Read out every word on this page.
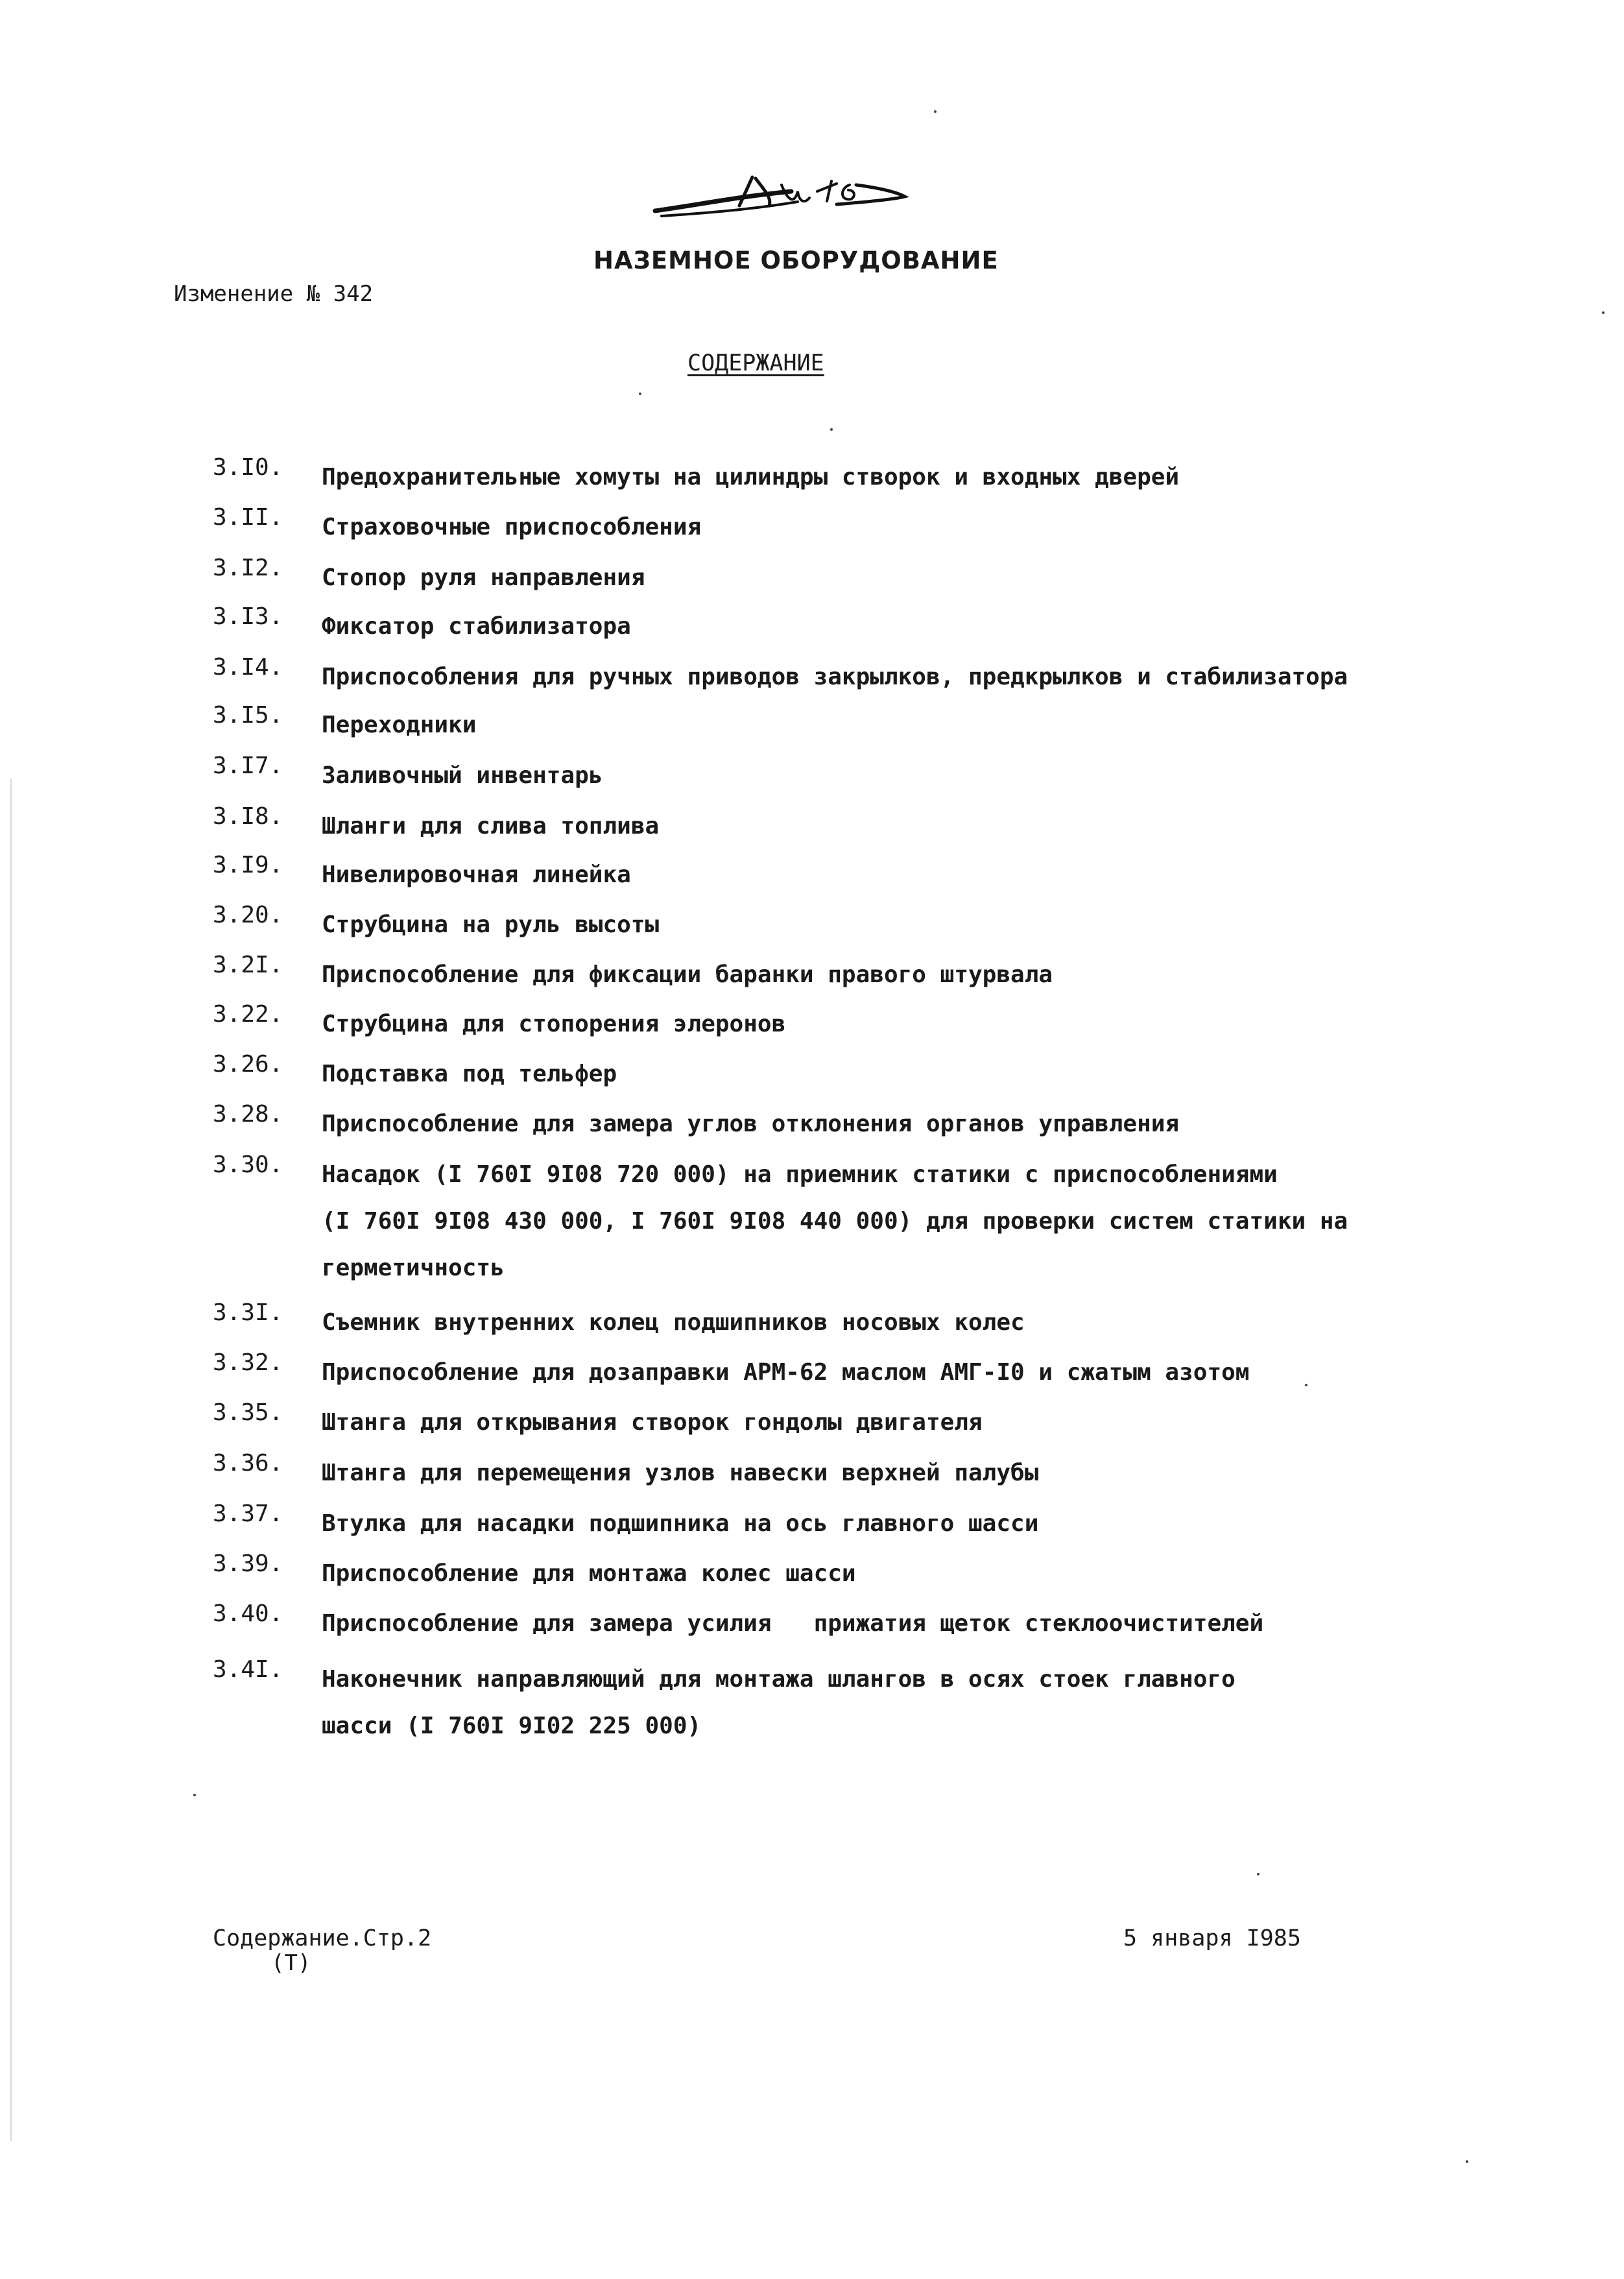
НАЗЕМНОЕ ОБОРУДОВАНИЕ
Изменение № 342
СОДЕРЖАНИЕ
3.I0. Предохранительные хомуты на цилиндры створок и входных дверей
3.II. Страховочные приспособления
3.I2. Стопор руля направления
3.I3. Фиксатор стабилизатора
3.I4. Приспособления для ручных приводов закрылков, предкрылков и стабилизатора
3.I5. Переходники
3.I7. Заливочный инвентарь
3.I8. Шланги для слива топлива
3.I9. Нивелировочная линейка
3.20. Струбцина на руль высоты
3.2I. Приспособление для фиксации баранки правого штурвала
3.22. Струбцина для стопорения элеронов
3.26. Подставка под тельфер
3.28. Приспособление для замера углов отклонения органов управления
3.30. Насадок (I 760I 9I08 720 000) на приемник статики с приспособлениями
(I 760I 9I08 430 000, I 760I 9I08 440 000) для проверки систем статики на
герметичность
3.3I. Съемник внутренних колец подшипников носовых колес
3.32. Приспособление для дозаправки АРМ-62 маслом АМГ-I0 и сжатым азотом
3.35. Штанга для открывания створок гондолы двигателя
3.36. Штанга для перемещения узлов навески верхней палубы
3.37. Втулка для насадки подшипника на ось главного шасси
3.39. Приспособление для монтажа колес шасси
3.40. Приспособление для замера усилия   прижатия щеток стеклоочистителей
3.4I. Наконечник направляющий для монтажа шлангов в осях стоек главного
шасси (I 760I 9I02 225 000)
Содержание.Стр.2
(Т)
5 января I985
